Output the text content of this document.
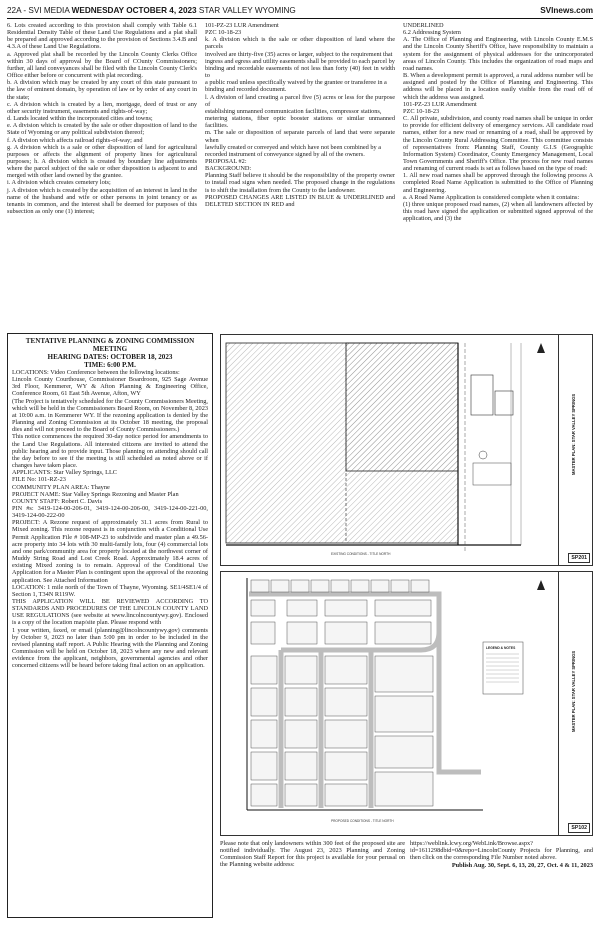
22A - SVI MEDIA WEDNESDAY OCTOBER 4, 2023 STAR VALLEY WYOMING	SVInews.com

6. Lots created according to this provision shall comply with Table 6.1 Residential Density Table of these Land Use Regulations and a plat shall be prepared and approved according to the provision of Sections 3.4.B and 4.3.A of these Land Use Regulations.

a. Approved plat shall be recorded by the Lincoln County Clerks Office within 30 days of approval by the Board of COunty Commissioners; further, all land conveyances shall be filed with the Lincoln County Clerk's Office either before or concurrent with plat recording.

b. A division which may be created by any court of this state pursuant to the law of eminent domain, by operation of law or by order of any court in the state;

c. A division which is created by a lien, mortgage, deed of trust or any other security instrument, easements and rights-of-way;

d. Lands located within the incorporated cities and towns;

e. A division which is created by the sale or other disposition of land to the State of Wyoming or any political subdivision thereof;

f. A division which affects railroad rights-of-way; and

g. A division which is a sale or other disposition of land for agricultural purposes or affects the alignment of property lines for agricultural purposes; h. A division which is created by boundary line adjustments where the parcel subject of the sale or other disposition is adjacent to and merged with other land owned by the grantee.

i. A division which creates cemetery lots;

j. A division which is created by the acquisition of an interest in land in the name of the husband and wife or other persons in joint tenancy or as tenants in common, and the interest shall be deemed for purposes of this subsection as only one (1) interest;

101-PZ-23 LUR Amendment

PZC 10-18-23

k. A division which is the sale or other disposition of land where the parcels

involved are thirty-five (35) acres or larger, subject to the requirement that

ingress and egress and utility easements shall be provided to each parcel by

binding and recordable easements of not less than forty (40) feet in width to

a public road unless specifically waived by the grantee or transferee in a

binding and recorded document.

l. A division of land creating a parcel five (5) acres or less for the purpose of

establishing unmanned communication facilities, compressor stations,

metering stations, fiber optic booster stations or similar unmanned facilities.

m. The sale or disposition of separate parcels of land that were separate when

lawfully created or conveyed and which have not been combined by a

recorded instrument of conveyance signed by all of the owners.

PROPOSAL #2:

BACKGROUND:

Planning Staff believe it should be the responsibility of the property owner to install road signs when needed. The proposed change in the regulations is to shift the installation from the County to the landowner.

PROPOSED CHANGES ARE LISTED IN BLUE & UNDERLINED and DELETED SECTION IN RED and

UNDERLINED

6.2 Addressing System

A. The Office of Planning and Engineering, with Lincoln County E.M.S and the Lincoln County Sheriff's Office, have responsibility to maintain a system for the assignment of physical addresses for the unincorporated areas of Lincoln County. This includes the organization of road maps and road names.

B. When a development permit is approved, a rural address number will be assigned and posted by the Office of Planning and Engineering. This address will be placed in a location easily visible from the road off of which the address was assigned.

101-PZ-23 LUR Amendment

PZC 10-18-23

C. All private, subdivision, and county road names shall be unique in order to provide for efficient delivery of emergency services. All candidate road names, either for a new road or renaming of a road, shall be approved by the Lincoln County Rural Addressing Committee. This committee consists of representatives from: Planning Staff, County G.I.S (Geographic Information System) Coordinator, County Emergency Management, Local Town Governments and Sheriff's Office. The process for new road names and renaming of current roads is set as follows based on the type of road:

1. All new road names shall be approved through the following process A completed Road Name Application is submitted to the Office of Planning and Engineering.

a. A Road Name Application is considered complete when it contains:

(1) three unique proposed road names, (2) when all landowners affected by this road have signed the application or submitted signed approval of the application, and (3) the

TENTATIVE PLANNING & ZONING COMMISSION MEETING
HEARING DATES: OCTOBER 18, 2023
TIME: 6:00 P.M.

LOCATIONS: Video Conference between the following locations:

Lincoln County Courthouse, Commissioner Boardroom, 925 Sage Avenue 3rd Floor, Kemmerer, WY & Afton Planning & Engineering Office, Conference Room, 61 East 5th Avenue, Afton, WY

(The Project is tentatively scheduled for the County Commissioners Meeting, which will be held in the Commissioners Board Room, on November 8, 2023 at 10:00 a.m. in Kemmerer WY. If the rezoning application is denied by the Planning and Zoning Commission at its October 18 meeting, the proposal dies and will not proceed to the Board of County Commissioners.)

This notice commences the required 30-day notice period for amendments to the Land Use Regulations. All interested citizens are invited to attend the public hearing and to provide input. Those planning on attending should call the day before to see if the meeting is still scheduled as noted above or if changes have taken place.

APPLICANTS: Star Valley Springs, LLC

FILE No: 101-RZ-23

COMMUNITY PLAN AREA: Thayne

PROJECT NAME: Star Valley Springs Rezoning and Master Plan

COUNTY STAFF: Robert C. Davis

PIN #s: 3419-124-00-206-01, 3419-124-00-206-00, 3419-124-00-221-00, 3419-124-00-222-00

PROJECT: A Rezone request of approximately 31.1 acres from Rural to Mixed zoning. This rezone request is in conjunction with a Conditional Use Permit Application File # 108-MP-23 to subdivide and master plan a 49.56-acre property into 34 lots with 30 multi-family lots, four (4) commercial lots and one park/community area for property located at the northwest corner of Muddy String Road and Lost Creek Road. Approximately 18.4 acres of existing Mixed zoning is to remain. Approval of the Conditional Use Application for a Master Plan is contingent upon the approval of the rezoning application. See Attached Information

LOCATION: 1 mile north of the Town of Thayne, Wyoming. SE1/4SE1/4 of Section 1, T34N R119W.

THIS APPLICATION WILL BE REVIEWED ACCORDING TO STANDARDS AND PROCEDURES OF THE LINCOLN COUNTY LAND USE REGULATIONS (see website at www.lincolncountywy.gov). Enclosed is a copy of the location map/site plan. Please respond with

1 your written, faxed, or email (planning@lincolncountywy.gov) comments by October 9, 2023 no later than 5:00 pm in order to be included in the revised planning staff report. A Public Hearing with the Planning and Zoning Commission will be held on October 18, 2023 where any new and relevant evidence from the applicant, neighbors, governmental agencies and other concerned citizens will be heard before taking final action on an application.

EXISTING CONDITIONS - TITLE NORTH
MASTER PLAN: STAR VALLEY SPRINGS
SP201
LEGEND & NOTES
PROPOSED CONDITIONS - TITLE NORTH
MASTER PLAN: STAR VALLEY SPRINGS
SP102

Please note that only landowners within 300 feet of the proposed site are notified individually. The August 23, 2023 Planning and Zoning Commission Staff Report for this project is available for your perusal on the Planning website address:

https://weblink.lcwy.org/WebLink/Browse.aspx?id=1611298dbid=0&repo=LincolnCounty Projects for Planning, and then click on the corresponding File Number noted above.

Publish Aug. 30, Sept. 6, 13, 20, 27, Oct. 4 & 11, 2023
